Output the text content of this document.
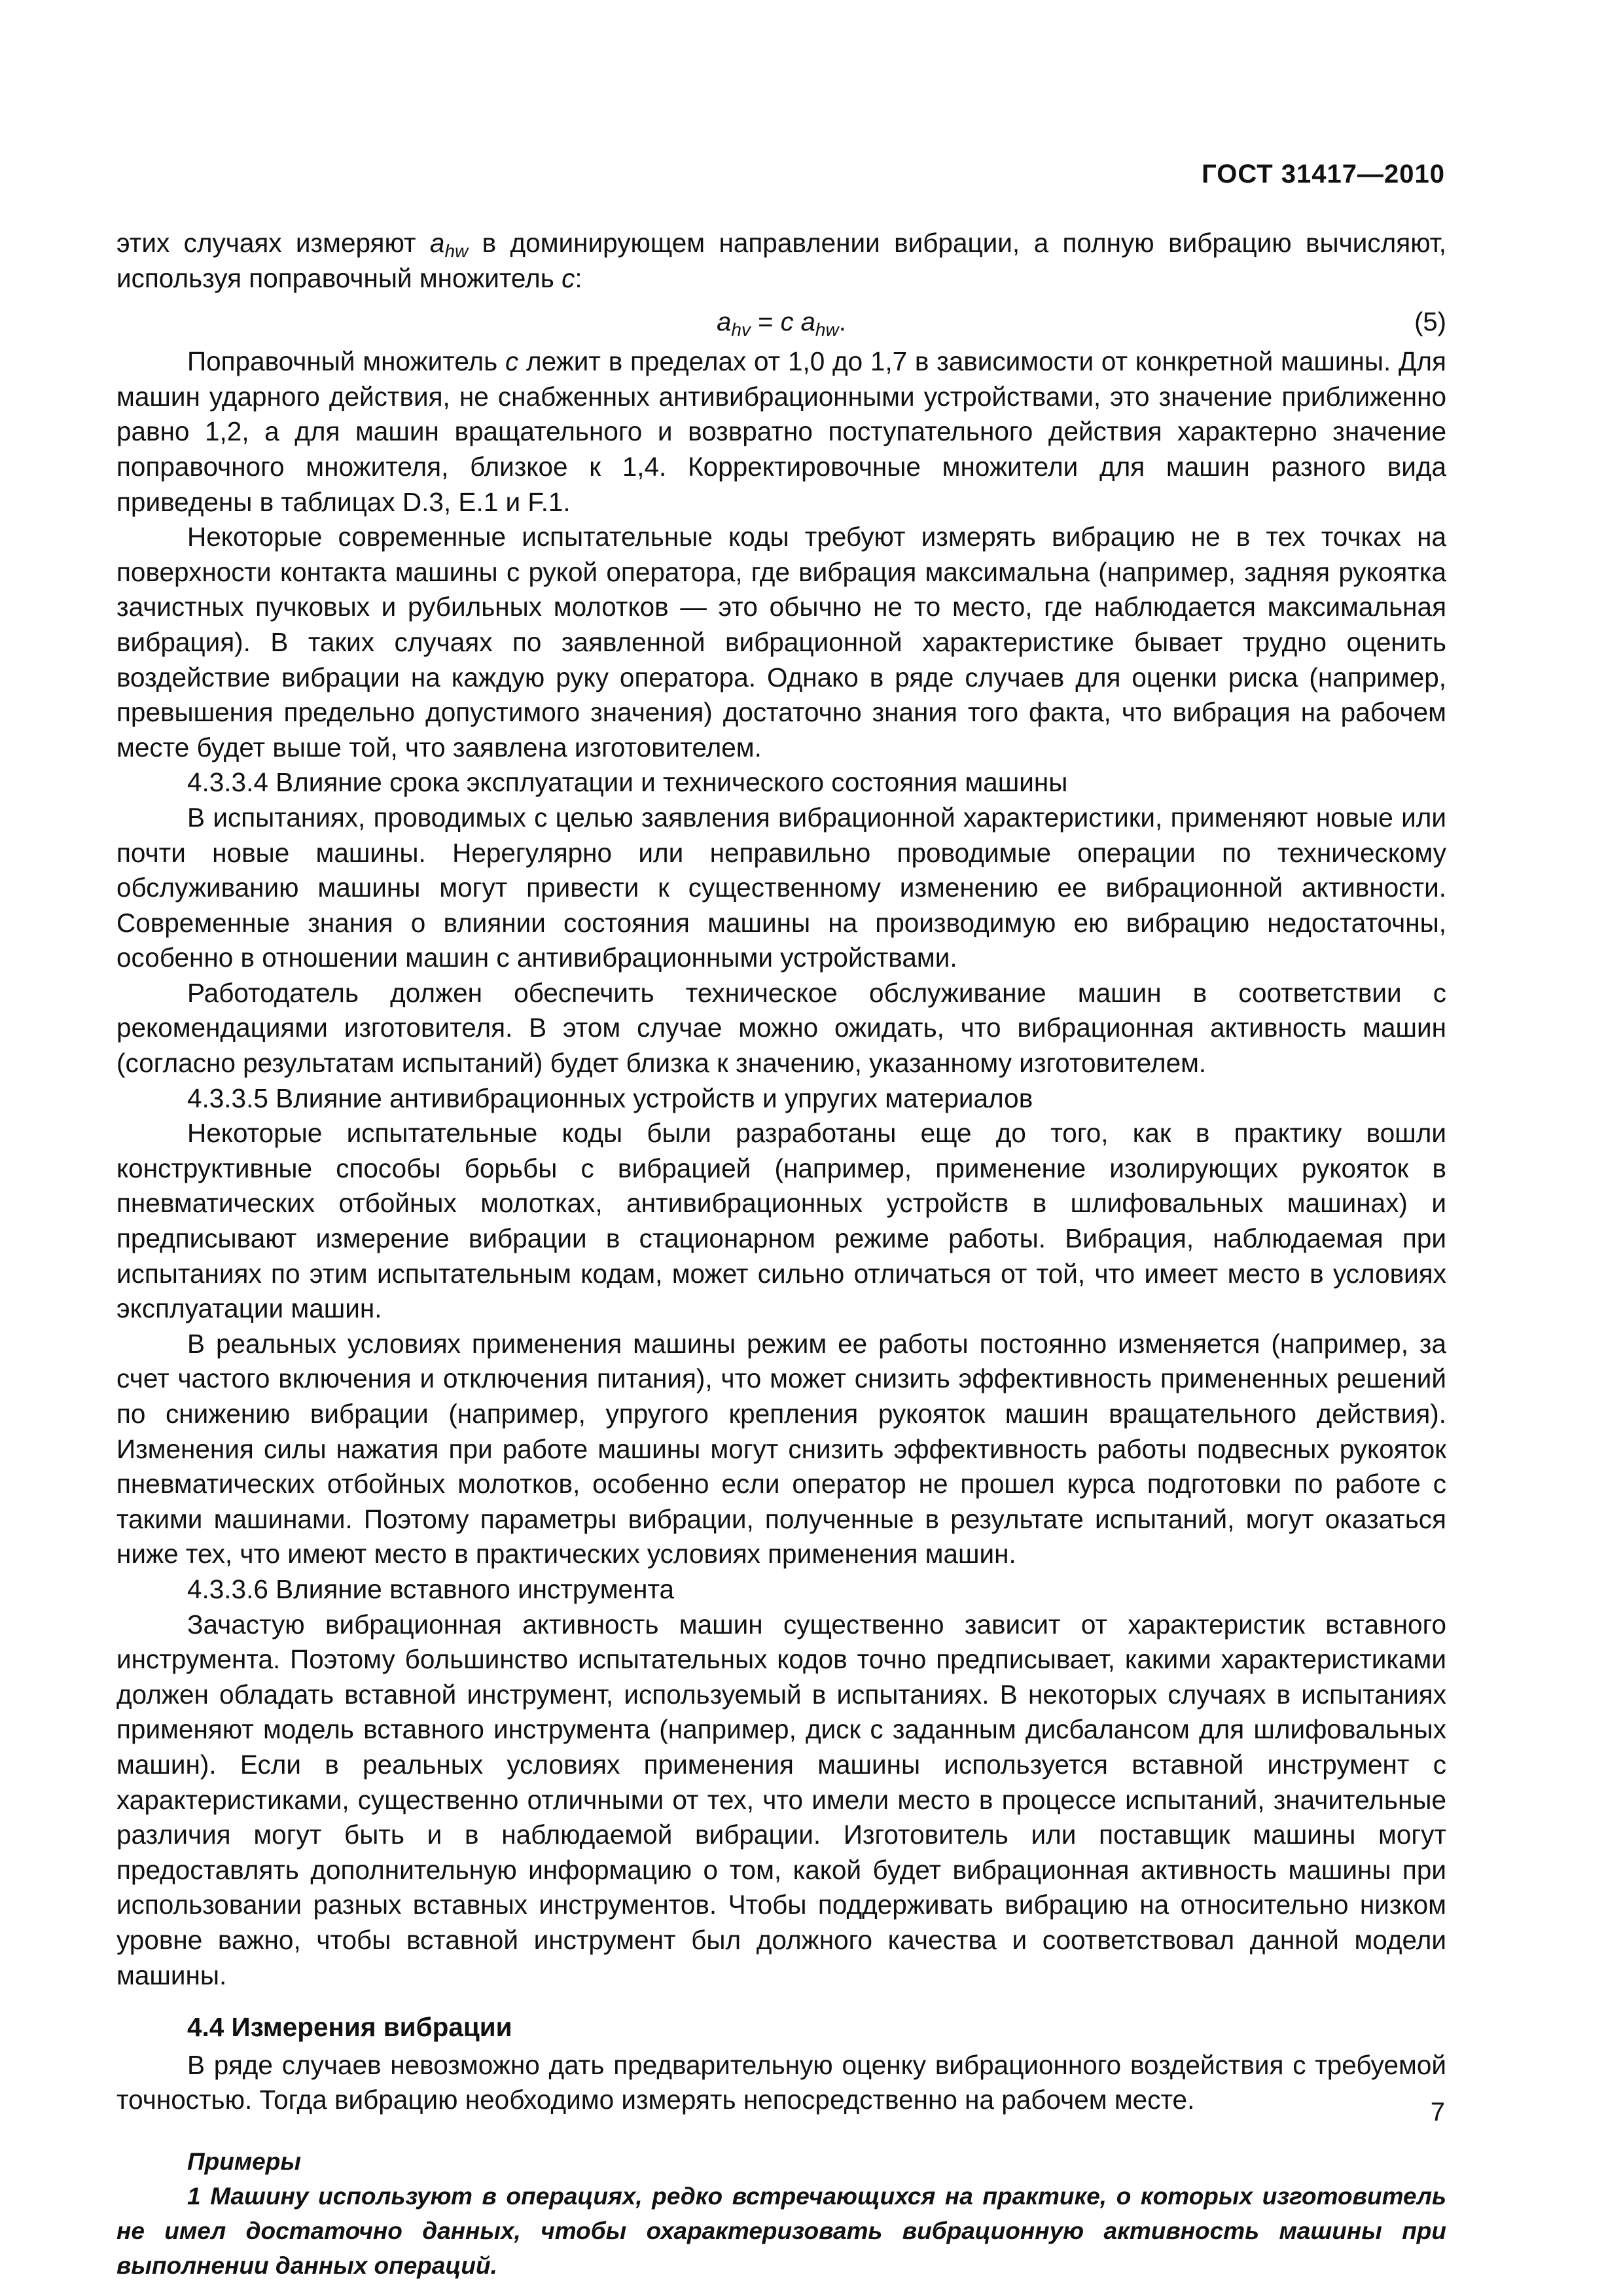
ГОСТ 31417—2010

этих случаях измеряют $a_{hw}$ в доминирующем направлении вибрации, а полную вибрацию вычисляют, используя поправочный множитель c:

$a_{hv} = c$ $a_{hw}$.	(5)

Поправочный множитель c лежит в пределах от 1,0 до 1,7 в зависимости от конкретной машины. Для машин ударного действия, не снабженных антивибрационными устройствами, это значение приближенно равно 1,2, а для машин вращательного и возвратно поступательного действия характерно значение поправочного множителя, близкое к 1,4. Корректировочные множители для машин разного вида приведены в таблицах D.3, E.1 и F.1.

Некоторые современные испытательные коды требуют измерять вибрацию не в тех точках на поверхности контакта машины с рукой оператора, где вибрация максимальна (например, задняя рукоятка зачистных пучковых и рубильных молотков — это обычно не то место, где наблюдается максимальная вибрация). В таких случаях по заявленной вибрационной характеристике бывает трудно оценить воздействие вибрации на каждую руку оператора. Однако в ряде случаев для оценки риска (например, превышения предельно допустимого значения) достаточно знания того факта, что вибрация на рабочем месте будет выше той, что заявлена изготовителем.

4.3.3.4 Влияние срока эксплуатации и технического состояния машины

В испытаниях, проводимых с целью заявления вибрационной характеристики, применяют новые или почти новые машины. Нерегулярно или неправильно проводимые операции по техническому обслуживанию машины могут привести к существенному изменению ее вибрационной активности. Современные знания о влиянии состояния машины на производимую ею вибрацию недостаточны, особенно в отношении машин с антивибрационными устройствами.

Работодатель должен обеспечить техническое обслуживание машин в соответствии с рекомендациями изготовителя. В этом случае можно ожидать, что вибрационная активность машин (согласно результатам испытаний) будет близка к значению, указанному изготовителем.

4.3.3.5 Влияние антивибрационных устройств и упругих материалов

Некоторые испытательные коды были разработаны еще до того, как в практику вошли конструктивные способы борьбы с вибрацией (например, применение изолирующих рукояток в пневматических отбойных молотках, антивибрационных устройств в шлифовальных машинах) и предписывают измерение вибрации в стационарном режиме работы. Вибрация, наблюдаемая при испытаниях по этим испытательным кодам, может сильно отличаться от той, что имеет место в условиях эксплуатации машин.

В реальных условиях применения машины режим ее работы постоянно изменяется (например, за счет частого включения и отключения питания), что может снизить эффективность примененных решений по снижению вибрации (например, упругого крепления рукояток машин вращательного действия). Изменения силы нажатия при работе машины могут снизить эффективность работы подвесных рукояток пневматических отбойных молотков, особенно если оператор не прошел курса подготовки по работе с такими машинами. Поэтому параметры вибрации, полученные в результате испытаний, могут оказаться ниже тех, что имеют место в практических условиях применения машин.

4.3.3.6 Влияние вставного инструмента

Зачастую вибрационная активность машин существенно зависит от характеристик вставного инструмента. Поэтому большинство испытательных кодов точно предписывает, какими характеристиками должен обладать вставной инструмент, используемый в испытаниях. В некоторых случаях в испытаниях применяют модель вставного инструмента (например, диск с заданным дисбалансом для шлифовальных машин). Если в реальных условиях применения машины используется вставной инструмент с характеристиками, существенно отличными от тех, что имели место в процессе испытаний, значительные различия могут быть и в наблюдаемой вибрации. Изготовитель или поставщик машины могут предоставлять дополнительную информацию о том, какой будет вибрационная активность машины при использовании разных вставных инструментов. Чтобы поддерживать вибрацию на относительно низком уровне важно, чтобы вставной инструмент был должного качества и соответствовал данной модели машины.

4.4 Измерения вибрации

В ряде случаев невозможно дать предварительную оценку вибрационного воздействия с требуемой точностью. Тогда вибрацию необходимо измерять непосредственно на рабочем месте.

Примеры

1 Машину используют в операциях, редко встречающихся на практике, о которых изготовитель не имел достаточно данных, чтобы охарактеризовать вибрационную активность машины при выполнении данных операций.

7
